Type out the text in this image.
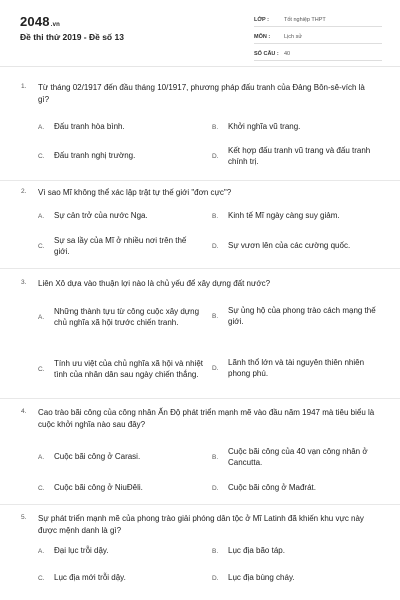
2048.vn
Đề thi thử 2019 - Đề số 13
LỚP :	Tốt nghiệp THPT
MÔN :	Lịch sử
SỐ CÂU : 40
1. Từ tháng 02/1917 đến đầu tháng 10/1917, phương pháp đấu tranh của Đảng Bôn-sê-vích là gì?
A.	Đấu tranh hòa bình.	B.	Khởi nghĩa vũ trang.
C.	Đấu tranh nghị trường.	D.
Kết hợp đấu tranh vũ trang và đấu tranh chính trị.
2. Vì sao Mĩ không thể xác lập trật tự thế giới "đơn cực"?
A.	Sự cản trở của nước Nga.	B.	Kinh tế Mĩ ngày càng suy giảm.
C.
Sự sa lầy của Mĩ ở nhiều nơi trên thế giới.
D.	Sự vươn lên của các cường quốc.
3. Liên Xô dựa vào thuận lợi nào là chủ yếu để xây dựng đất nước?
A.
Những thành tựu từ công cuộc xây dựng chủ nghĩa xã hội trước chiến tranh.
B.
Sự ủng hộ của phong trào cách mạng thế giới.
C.
Tính ưu việt của chủ nghĩa xã hội và nhiệt tình của nhân dân sau ngày chiến thắng.
D.
Lãnh thổ lớn và tài nguyên thiên nhiên phong phú.
4. Cao trào bãi công của công nhân Ấn Độ phát triển mạnh mẽ vào đầu năm 1947 mà tiêu biểu là cuộc khởi nghĩa nào sau đây?
A.	Cuộc bãi công ở Carasi.	B.
Cuộc bãi công của 40 vạn công nhân ở Cancutta.
C.	Cuộc bãi công ở NiuĐêli.	D.	Cuộc bãi công ở Mađrát.
5. Sự phát triển mạnh mẽ của phong trào giải phóng dân tộc ở Mĩ Latinh đã khiến khu vực này được mệnh danh là gì?
A.	Đại lục trỗi dậy.	B.	Lục địa bão táp.
C.	Lục địa mới trỗi dậy.	D.	Lục địa bùng cháy.
